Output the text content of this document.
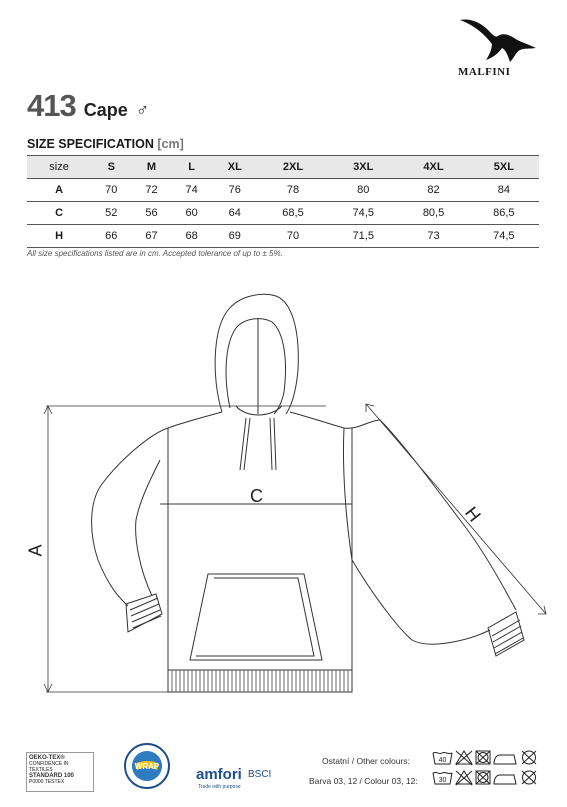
MALFINI
413 Cape ♂
SIZE SPECIFICATION [cm]
size	S	M	L	XL	2XL	3XL	4XL	5XL
A	70	72	74	76	78	80	82	84
C	52	56	60	64	68,5	74,5	80,5	86,5
H	66	67	68	69	70	71,5	73	74,5
All size specifications listed are in cm. Accepted tolerance of up to ± 5%.
A
C
H
OEKO-TEX®
CONFIDENCE IN TEXTILES
STANDARD 100
P0000 TESTEX
WRAP amfori BSCI
Trade with purpose
Ostatní / Other colours:
Barva 03, 12 / Colour 03, 12:
40
30
